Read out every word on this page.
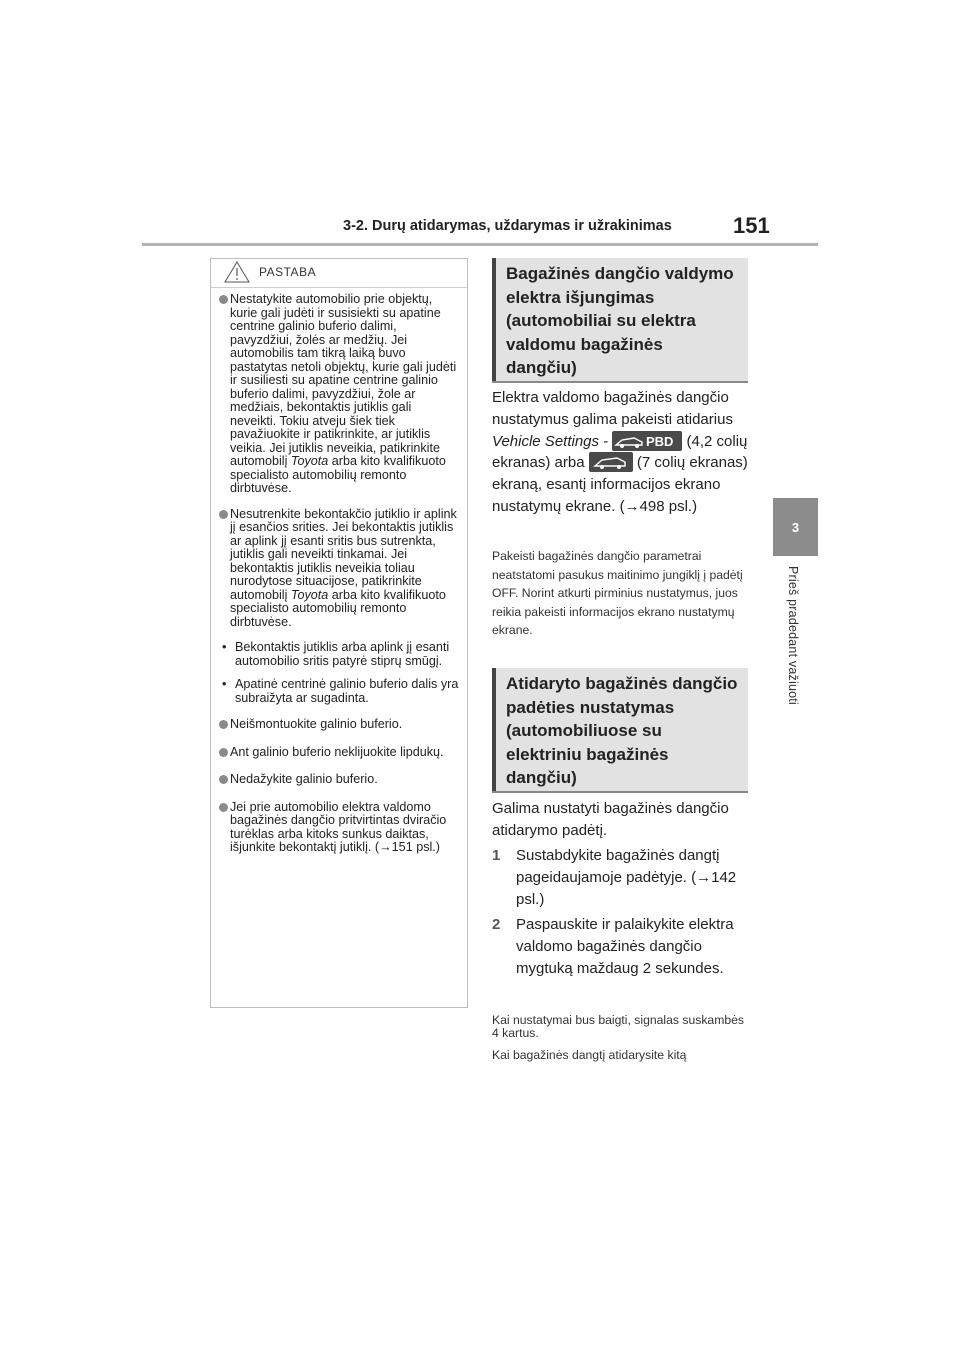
3-2. Durų atidarymas, uždarymas ir užrakinimas	151
3
Prieš pradedant važiuoti
PASTABA
Nestatykite automobilio prie objektų, kurie gali judėti ir susisiekti su apatine centrine galinio buferio dalimi, pavyzdžiui, žolės ar medžių. Jei automobilis tam tikrą laiką buvo pastatytas netoli objektų, kurie gali judėti ir susiliesti su apatine centrine galinio buferio dalimi, pavyzdžiui, žole ar medžiais, bekontaktis jutiklis gali neveikti. Tokiu atveju šiek tiek pavažiuokite ir patikrinkite, ar jutiklis veikia. Jei jutiklis neveikia, patikrinkite automobilį Toyota arba kito kvalifikuoto specialisto automobilių remonto dirbtuvėse.
Nesutrenkite bekontakčio jutiklio ir aplink jį esančios srities. Jei bekontaktis jutiklis ar aplink jį esanti sritis bus sutrenkta, jutiklis gali neveikti tinkamai. Jei bekontaktis jutiklis neveikia toliau nurodytose situacijose, patikrinkite automobilį Toyota arba kito kvalifikuoto specialisto automobilių remonto dirbtuvėse.
• Bekontaktis jutiklis arba aplink jį esanti automobilio sritis patyrė stiprų smūgį.
• Apatinė centrinė galinio buferio dalis yra subraižyta ar sugadinta.
Neišmontuokite galinio buferio.
Ant galinio buferio neklijuokite lipdukų.
Nedažykite galinio buferio.
Jei prie automobilio elektra valdomo bagažinės dangčio pritvirtintas dviračio turėklas arba kitoks sunkus daiktas, išjunkite bekontaktį jutiklį. (→151 psl.)
Bagažinės dangčio valdymo elektra išjungimas (automobiliai su elektra valdomu bagažinės dangčiu)
Elektra valdomo bagažinės dangčio nustatymus galima pakeisti atidarius Vehicle Settings -	PBD (4,2 colių ekranas) arba	(7 colių ekranas) ekraną, esantį informacijos ekrano nustatymų ekrane. (→498 psl.)
Pakeisti bagažinės dangčio parametrai neatstatomi pasukus maitinimo jungiklį į padėtį OFF. Norint atkurti pirminius nustatymus, juos reikia pakeisti informacijos ekrano nustatymų ekrane.
Atidaryto bagažinės dangčio padėties nustatymas (automobiliuose su elektriniu bagažinės dangčiu)
Galima nustatyti bagažinės dangčio atidarymo padėtį.
1 Sustabdykite bagažinės dangtį pageidaujamoje padėtyje. (→142 psl.)
2 Paspauskite ir palaikykite elektra valdomo bagažinės dangčio mygtuką maždaug 2 sekundes.
Kai nustatymai bus baigti, signalas suskambės 4 kartus.
Kai bagažinės dangtį atidarysite kitą
